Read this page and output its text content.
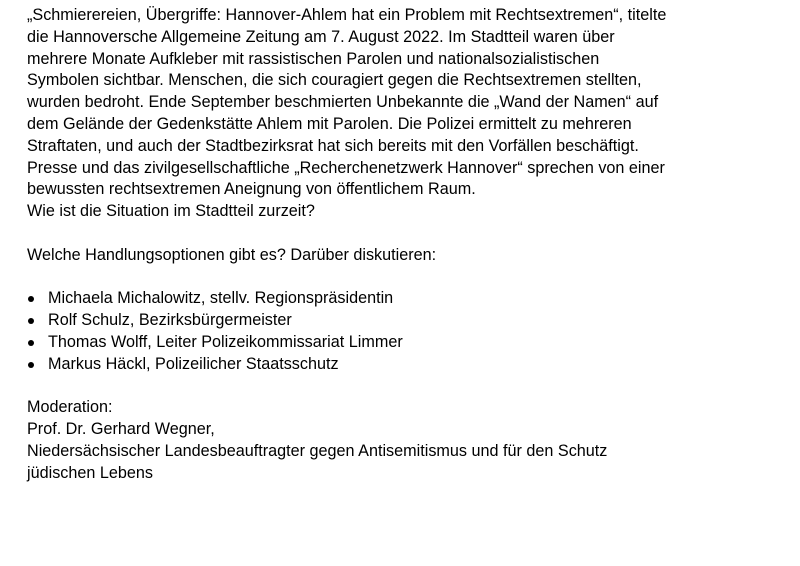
„Schmierereien, Übergriffe: Hannover-Ahlem hat ein Problem mit Rechtsextremen“, titelte
die Hannoversche Allgemeine Zeitung am 7. August 2022. Im Stadtteil waren über
mehrere Monate Aufkleber mit rassistischen Parolen und nationalsozialistischen
Symbolen sichtbar. Menschen, die sich couragiert gegen die Rechtsextremen stellten,
wurden bedroht. Ende September beschmierten Unbekannte die „Wand der Namen“ auf
dem Gelände der Gedenkstätte Ahlem mit Parolen. Die Polizei ermittelt zu mehreren
Straftaten, und auch der Stadtbezirksrat hat sich bereits mit den Vorfällen beschäftigt.
Presse und das zivilgesellschaftliche „Recherchenetzwerk Hannover“ sprechen von einer
bewussten rechtsextremen Aneignung von öffentlichem Raum.
Wie ist die Situation im Stadtteil zurzeit?
Welche Handlungsoptionen gibt es? Darüber diskutieren:
Michaela Michalowitz, stellv. Regionspräsidentin
Rolf Schulz, Bezirksbürgermeister
Thomas Wolff, Leiter Polizeikommissariat Limmer
Markus Häckl, Polizeilicher Staatsschutz
Moderation:
Prof. Dr. Gerhard Wegner,
Niedersächsischer Landesbeauftragter gegen Antisemitismus und für den Schutz
jüdischen Lebens
